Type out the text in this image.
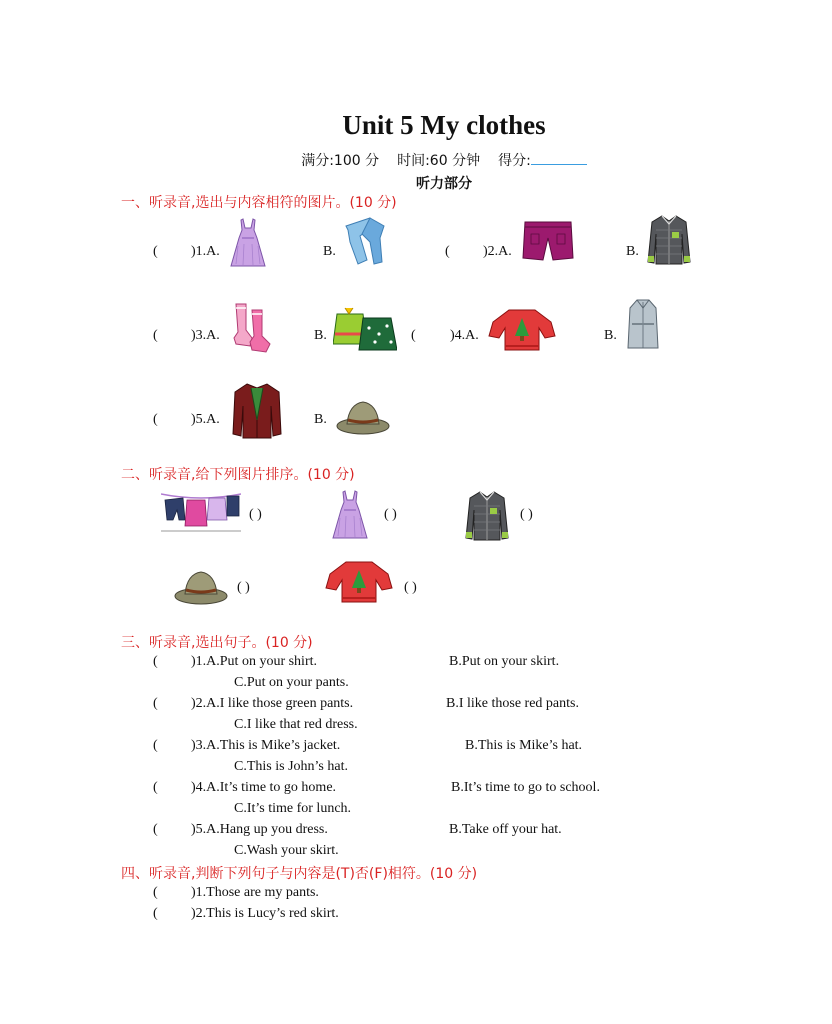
Unit 5 My clothes
满分:100 分 时间:60 分钟 得分:
听力部分
一、听录音,选出与内容相符的图片。(10 分)
( )1.A.	B.	( )2.A.	B.
( )3.A.	B.	( )4.A.	B.
( )5.A.	B.
二、听录音,给下列图片排序。(10 分)
( )	( )	( )
( )	( )
三、听录音,选出句子。(10 分)
( )1.A.Put on your shirt.	B.Put on your skirt.
C.Put on your pants.
( )2.A.I like those green pants.	B.I like those red pants.
C.I like that red dress.
( )3.A.This is Mike’s jacket.	B.This is Mike’s hat.
C.This is John’s hat.
( )4.A.It’s time to go home.	B.It’s time to go to school.
C.It’s time for lunch.
( )5.A.Hang up you dress.	B.Take off your hat.
C.Wash your skirt.
四、听录音,判断下列句子与内容是(T)否(F)相符。(10 分)
( )1.Those are my pants.
( )2.This is Lucy’s red skirt.
